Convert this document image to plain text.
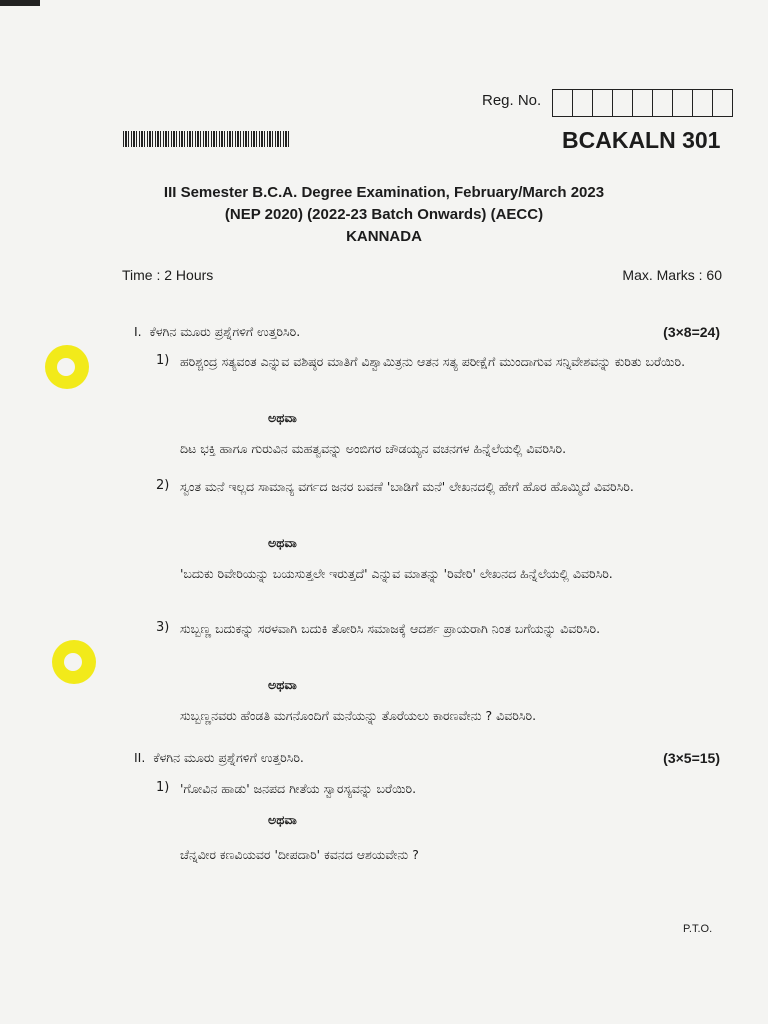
Reg. No.
BCAKALN 301
III Semester B.C.A. Degree Examination, February/March 2023
(NEP 2020) (2022-23 Batch Onwards) (AECC)
KANNADA
Time : 2 Hours	Max. Marks : 60
I. ಕೆಳಗಿನ ಮೂರು ಪ್ರಶ್ನೆಗಳಿಗೆ ಉತ್ತರಿಸಿರಿ.	(3×8=24)
1) ಹರಿಶ್ಚಂದ್ರ ಸತ್ಯವಂತ ಎನ್ನುವ ವಶಿಷ್ಠರ ಮಾತಿಗೆ ವಿಶ್ವಾಮಿತ್ರನು ಆತನ ಸತ್ಯ ಪರೀಕ್ಷೆಗೆ ಮುಂದಾಗುವ ಸನ್ನಿವೇಶವನ್ನು ಕುರಿತು ಬರೆಯಿರಿ.
ಅಥವಾ
ದಿಟ ಭಕ್ತಿ ಹಾಗೂ ಗುರುವಿನ ಮಹತ್ವವನ್ನು ಅಂಬಿಗರ ಚೌಡಯ್ಯನ ವಚನಗಳ ಹಿನ್ನೆಲೆಯಲ್ಲಿ ವಿವರಿಸಿರಿ.
2) ಸ್ವಂತ ಮನೆ ಇಲ್ಲದ ಸಾಮಾನ್ಯ ವರ್ಗದ ಜನರ ಬವಣೆ 'ಬಾಡಿಗೆ ಮನೆ' ಲೇಖನದಲ್ಲಿ ಹೇಗೆ ಹೊರ ಹೊಮ್ಮಿದೆ ವಿವರಿಸಿರಿ.
ಅಥವಾ
'ಬದುಕು ರಿವೇರಿಯನ್ನು ಬಯಸುತ್ತಲೇ ಇರುತ್ತದೆ' ಎನ್ನುವ ಮಾತನ್ನು 'ರಿವೇರಿ' ಲೇಖನದ ಹಿನ್ನೆಲೆಯಲ್ಲಿ ವಿವರಿಸಿರಿ.
3) ಸುಬ್ಬಣ್ಣ ಬದುಕನ್ನು ಸರಳವಾಗಿ ಬದುಕಿ ತೋರಿಸಿ ಸಮಾಜಕ್ಕೆ ಆದರ್ಶ ಪ್ರಾಯರಾಗಿ ನಿಂತ ಬಗೆಯನ್ನು ವಿವರಿಸಿರಿ.
ಅಥವಾ
ಸುಬ್ಬಣ್ಣನವರು ಹೆಂಡತಿ ಮಗನೊಂದಿಗೆ ಮನೆಯನ್ನು ತೊರೆಯಲು ಕಾರಣವೇನು ? ವಿವರಿಸಿರಿ.
II. ಕೆಳಗಿನ ಮೂರು ಪ್ರಶ್ನೆಗಳಿಗೆ ಉತ್ತರಿಸಿರಿ.	(3×5=15)
1) 'ಗೋವಿನ ಹಾಡು' ಜನಪದ ಗೀತೆಯ ಸ್ವಾರಸ್ಯವನ್ನು ಬರೆಯಿರಿ.
ಅಥವಾ
ಚೆನ್ನವೀರ ಕಣವಿಯವರ 'ದೀಪದಾರಿ' ಕವನದ ಆಶಯವೇನು ?
P.T.O.
